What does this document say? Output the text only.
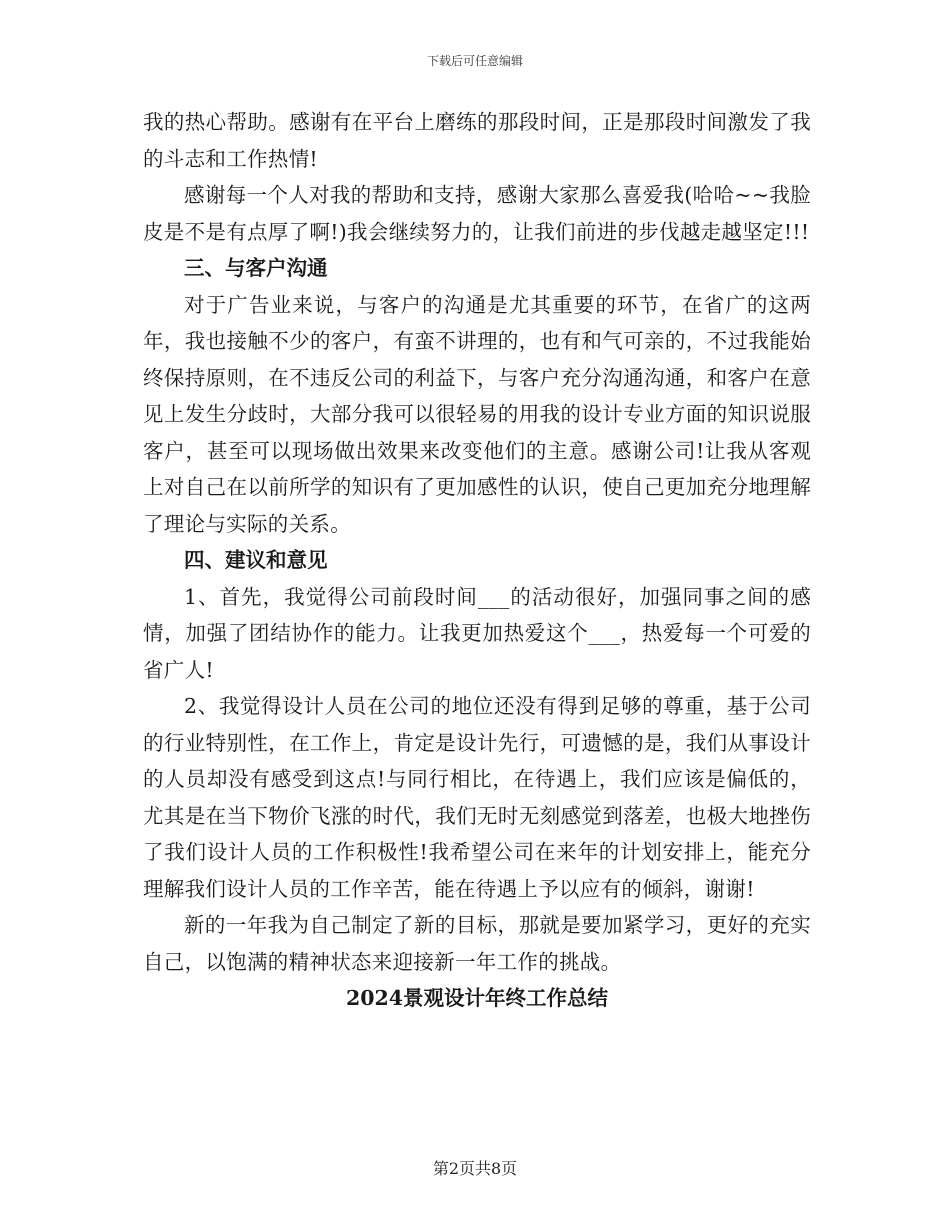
下载后可任意编辑

我的热心帮助。感谢有在平台上磨练的那段时间，正是那段时间激发了我的斗志和工作热情!

感谢每一个人对我的帮助和支持，感谢大家那么喜爱我(哈哈~~我脸皮是不是有点厚了啊!)我会继续努力的，让我们前进的步伐越走越坚定!!!

三、与客户沟通

对于广告业来说，与客户的沟通是尤其重要的环节，在省广的这两年，我也接触不少的客户，有蛮不讲理的，也有和气可亲的，不过我能始终保持原则，在不违反公司的利益下，与客户充分沟通沟通，和客户在意见上发生分歧时，大部分我可以很轻易的用我的设计专业方面的知识说服客户，甚至可以现场做出效果来改变他们的主意。感谢公司!让我从客观上对自己在以前所学的知识有了更加感性的认识，使自己更加充分地理解了理论与实际的关系。

四、建议和意见

1、首先，我觉得公司前段时间___的活动很好，加强同事之间的感情，加强了团结协作的能力。让我更加热爱这个___，热爱每一个可爱的省广人!

2、我觉得设计人员在公司的地位还没有得到足够的尊重，基于公司的行业特别性，在工作上，肯定是设计先行，可遗憾的是，我们从事设计的人员却没有感受到这点!与同行相比，在待遇上，我们应该是偏低的，尤其是在当下物价飞涨的时代，我们无时无刻感觉到落差，也极大地挫伤了我们设计人员的工作积极性!我希望公司在来年的计划安排上，能充分理解我们设计人员的工作辛苦，能在待遇上予以应有的倾斜，谢谢!

新的一年我为自己制定了新的目标，那就是要加紧学习，更好的充实自己，以饱满的精神状态来迎接新一年工作的挑战。

2024景观设计年终工作总结

第2页共8页
